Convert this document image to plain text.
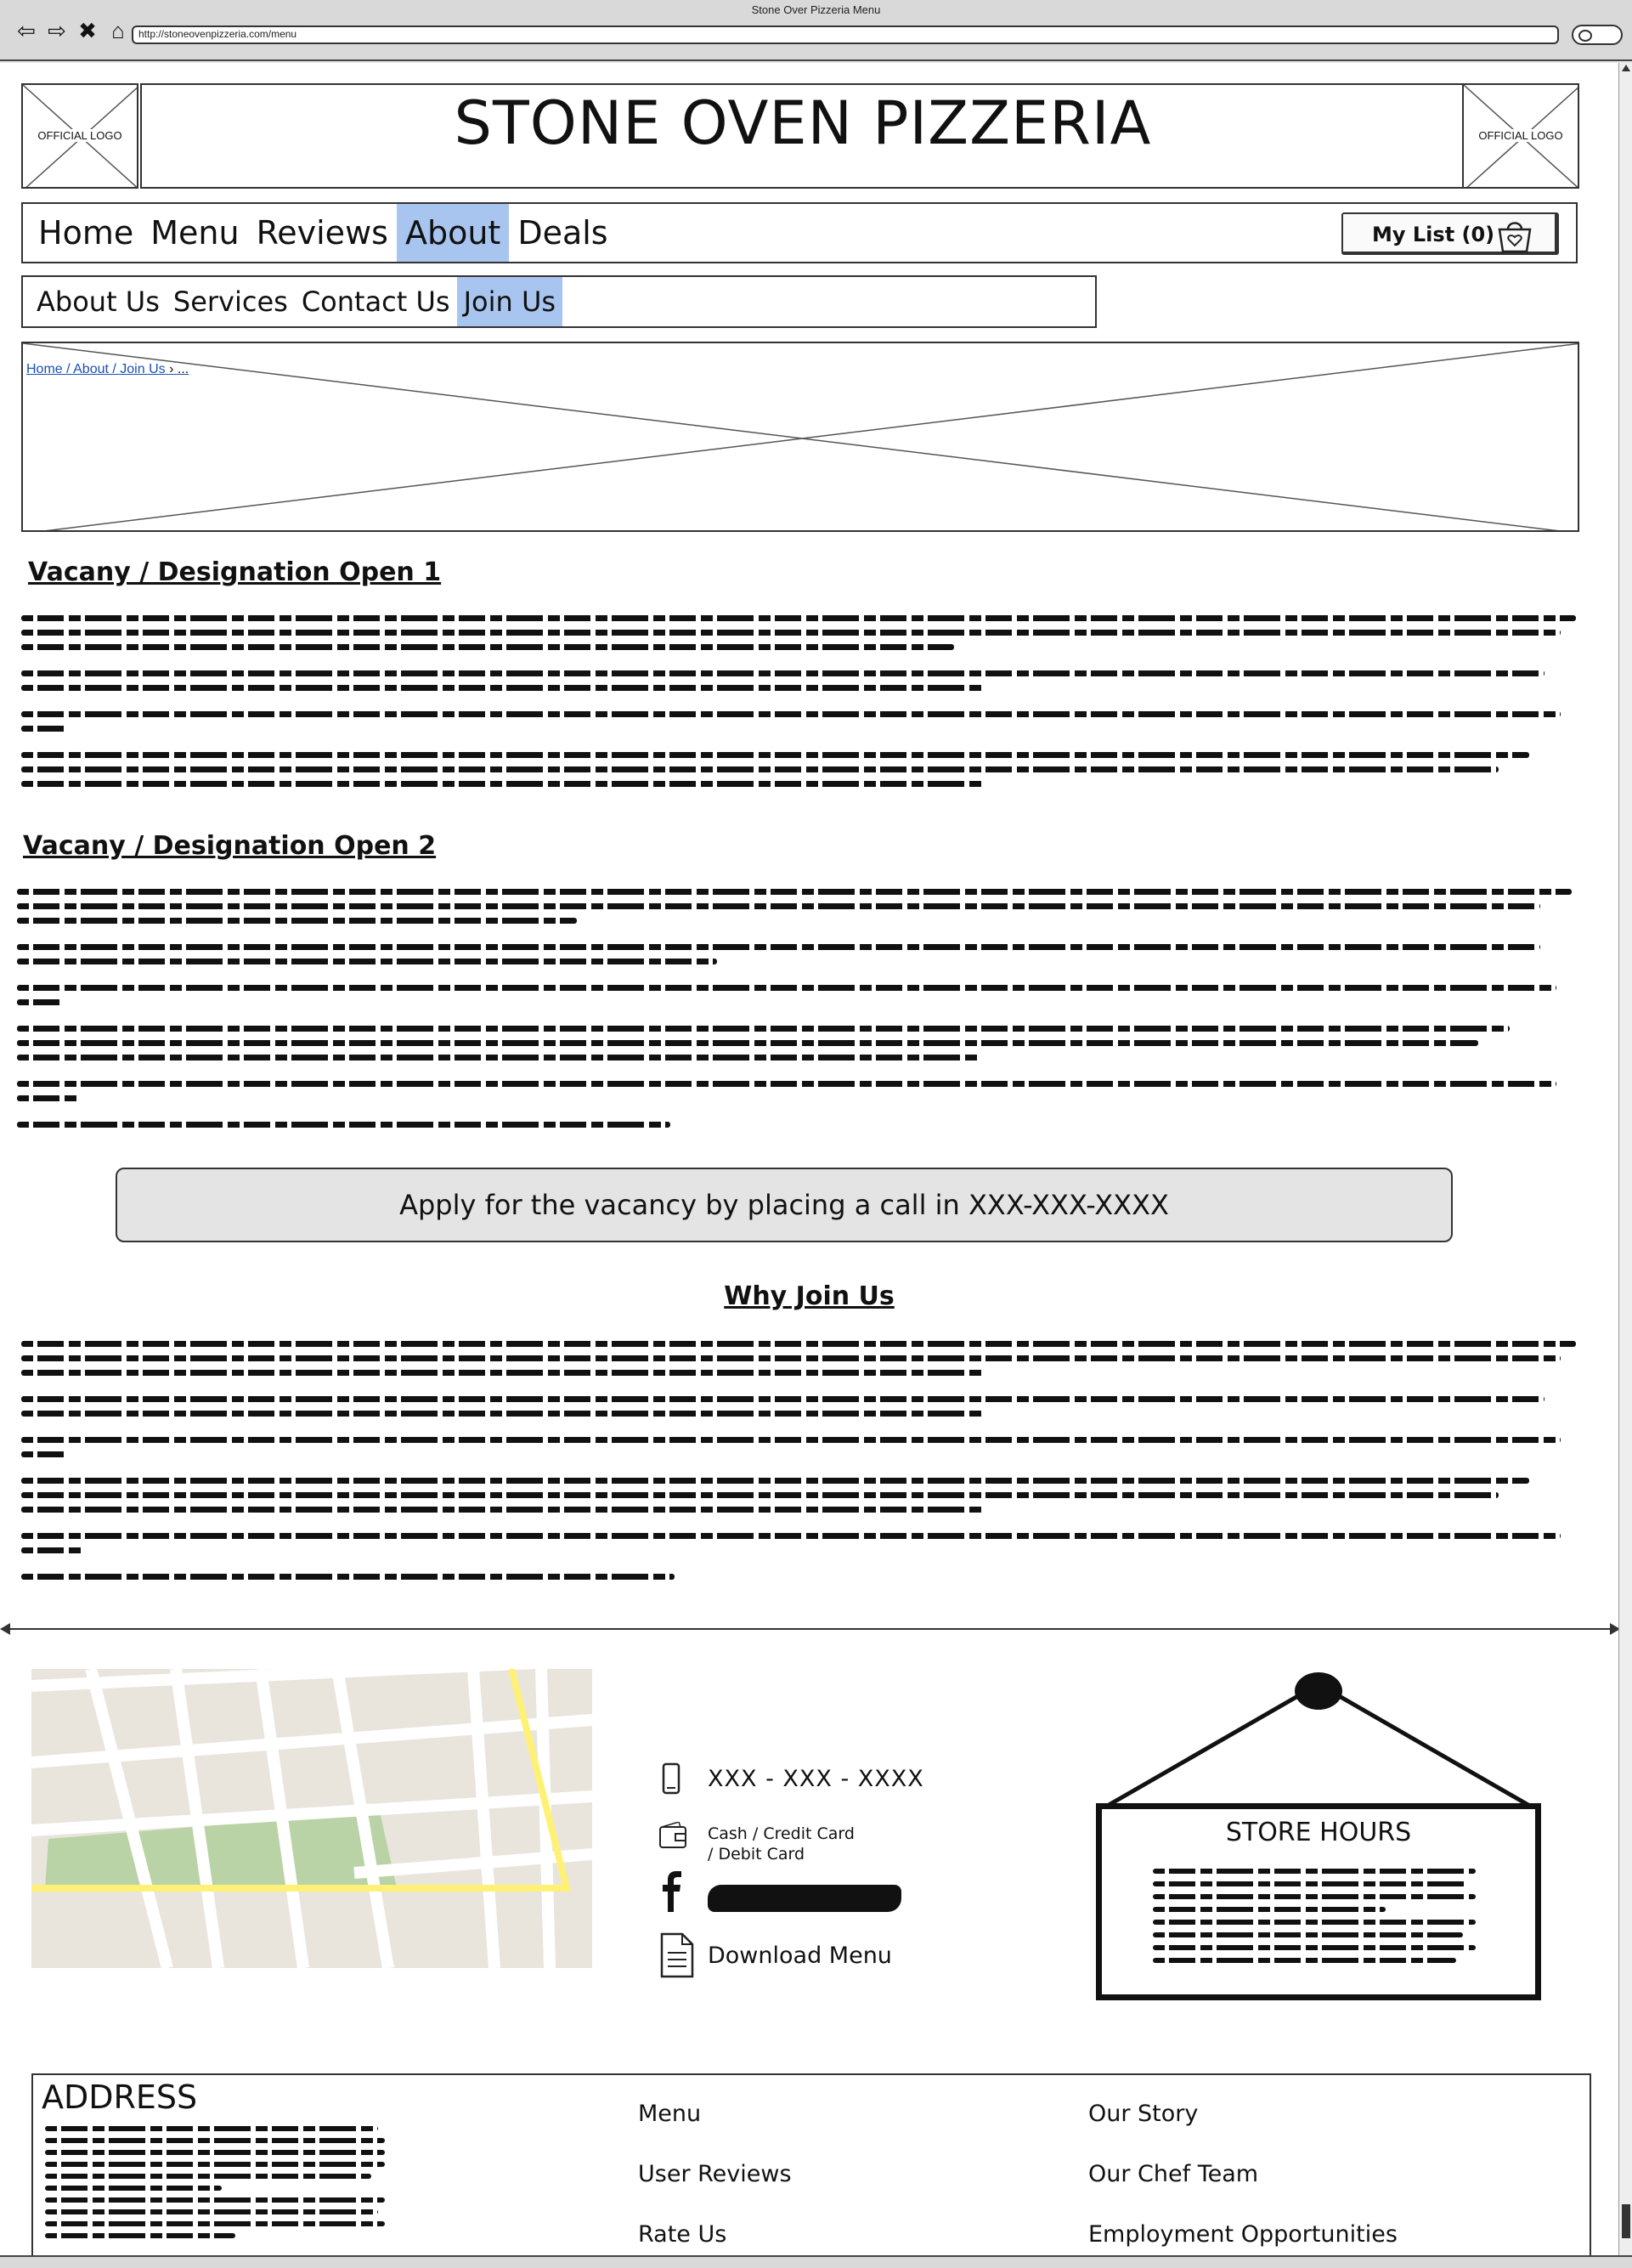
Stone Over Pizzeria Menu
⇦ ⇨ ✖ ⌂	http://stoneovenpizzeria.com/menu
OFFICIAL LOGO	STONE OVEN PIZZERIA	OFFICIAL LOGO
Home Menu Reviews About Deals	My List (0)
About Us Services Contact Us Join Us
Home / About / Join Us › ...
Vacany / Designation Open 1
Vacany / Designation Open 2
Apply for the vacancy by placing a call in XXX-XXX-XXXX
Why Join Us
XXX - XXX - XXXX
Cash / Credit Card
/ Debit Card
Download Menu
STORE HOURS
ADDRESS	Menu
User Reviews
Rate Us
Our Story
Our Chef Team
Employment Opportunities
